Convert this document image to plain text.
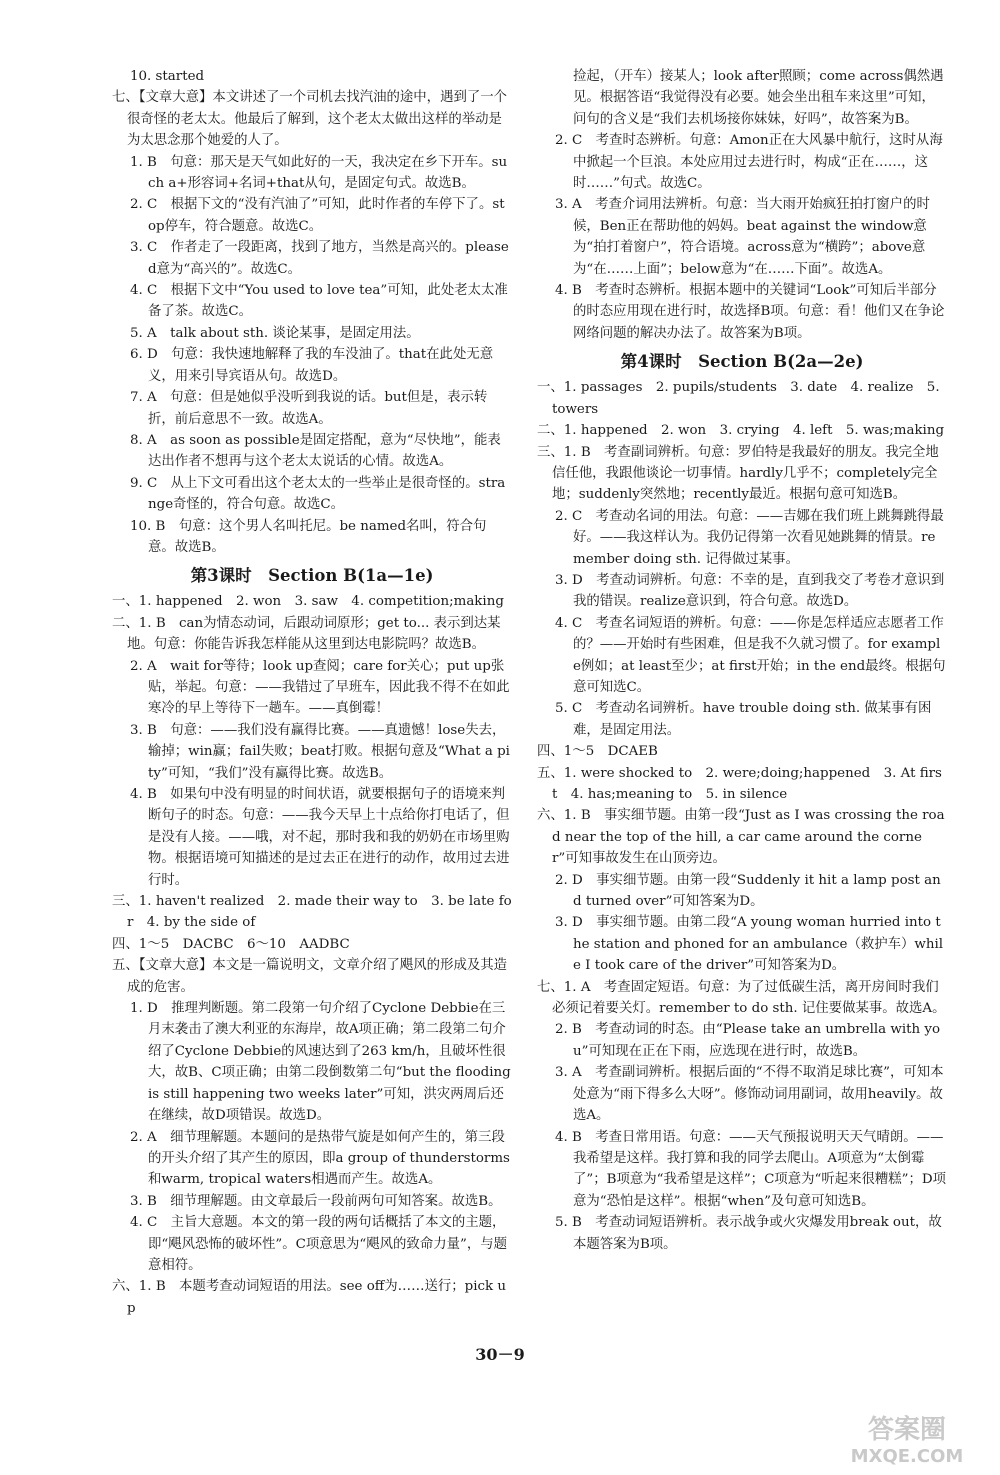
10. started

七、【文章大意】本文讲述了一个司机去找汽油的途中，遇到了一个很奇怪的老太太。他最后了解到，这个老太太做出这样的举动是为太思念那个她爱的人了。

1. B　句意：那天是天气如此好的一天，我决定在乡下开车。such a+形容词+名词+that从句，是固定句式。故选B。

2. C　根据下文的“没有汽油了”可知，此时作者的车停下了。stop停车，符合题意。故选C。

3. C　作者走了一段距离，找到了地方，当然是高兴的。pleased意为“高兴的”。故选C。

4. C　根据下文中“You used to love tea”可知，此处老太太准备了茶。故选C。

5. A　talk about sth. 谈论某事，是固定用法。

6. D　句意：我快速地解释了我的车没油了。that在此处无意义，用来引导宾语从句。故选D。

7. A　句意：但是她似乎没听到我说的话。but但是，表示转折，前后意思不一致。故选A。

8. A　as soon as possible是固定搭配，意为“尽快地”，能表达出作者不想再与这个老太太说话的心情。故选A。

9. C　从上下文可看出这个老太太的一些举止是很奇怪的。strange奇怪的，符合句意。故选C。

10. B　句意：这个男人名叫托尼。be named名叫，符合句意。故选B。

第3课时　Section B(1a—1e)

一、1. happened　2. won　3. saw　4. competition;making

二、1. B　can为情态动词，后跟动词原形；get to... 表示到达某地。句意：你能告诉我怎样能从这里到达电影院吗？故选B。

2. A　wait for等待；look up查阅；care for关心；put up张贴，举起。句意：——我错过了早班车，因此我不得不在如此寒冷的早上等待下一趟车。——真倒霉！

3. B　句意：——我们没有赢得比赛。——真遗憾！lose失去，输掉；win赢；fail失败；beat打败。根据句意及“What a pity”可知，“我们”没有赢得比赛。故选B。

4. B　如果句中没有明显的时间状语，就要根据句子的语境来判断句子的时态。句意：——我今天早上十点给你打电话了，但是没有人接。——哦，对不起，那时我和我的奶奶在市场里购物。根据语境可知描述的是过去正在进行的动作，故用过去进行时。

三、1. haven't realized　2. made their way to　3. be late for　4. by the side of

四、1～5　DACBC　6～10　AADBC

五、【文章大意】本文是一篇说明文，文章介绍了飓风的形成及其造成的危害。

1. D　推理判断题。第二段第一句介绍了Cyclone Debbie在三月末袭击了澳大利亚的东海岸，故A项正确；第二段第二句介绍了Cyclone Debbie的风速达到了263 km/h，且破坏性很大，故B、C项正确；由第二段倒数第二句“but the flooding is still happening two weeks later”可知，洪灾两周后还在继续，故D项错误。故选D。

2. A　细节理解题。本题问的是热带气旋是如何产生的，第三段的开头介绍了其产生的原因，即a group of thunderstorms和warm, tropical waters相遇而产生。故选A。

3. B　细节理解题。由文章最后一段前两句可知答案。故选B。

4. C　主旨大意题。本文的第一段的两句话概括了本文的主题，即“飓风恐怖的破坏性”。C项意思为“飓风的致命力量”，与题意相符。

六、1. B　本题考查动词短语的用法。see off为……送行；pick up

捡起，（开车）接某人；look after照顾；come across偶然遇见。根据答语“我觉得没有必要。她会坐出租车来这里”可知，问句的含义是“我们去机场接你妹妹，好吗”，故答案为B。

2. C　考查时态辨析。句意：Amon正在大风暴中航行，这时从海中掀起一个巨浪。本处应用过去进行时，构成“正在……，这时……”句式。故选C。

3. A　考查介词用法辨析。句意：当大雨开始疯狂拍打窗户的时候，Ben正在帮助他的妈妈。beat against the window意为“拍打着窗户”，符合语境。across意为“横跨”；above意为“在……上面”；below意为“在……下面”。故选A。

4. B　考查时态辨析。根据本题中的关键词“Look”可知后半部分的时态应用现在进行时，故选择B项。句意：看！他们又在争论网络问题的解决办法了。故答案为B项。

第4课时　Section B(2a—2e)

一、1. passages　2. pupils/students　3. date　4. realize　5. towers

二、1. happened　2. won　3. crying　4. left　5. was;making

三、1. B　考查副词辨析。句意：罗伯特是我最好的朋友。我完全地信任他，我跟他谈论一切事情。hardly几乎不；completely完全地；suddenly突然地；recently最近。根据句意可知选B。

2. C　考查动名词的用法。句意：——吉娜在我们班上跳舞跳得最好。——我这样认为。我仍记得第一次看见她跳舞的情景。remember doing sth. 记得做过某事。

3. D　考查动词辨析。句意：不幸的是，直到我交了考卷才意识到我的错误。realize意识到，符合句意。故选D。

4. C　考查名词短语的辨析。句意：——你是怎样适应志愿者工作的？——开始时有些困难，但是我不久就习惯了。for example例如；at least至少；at first开始；in the end最终。根据句意可知选C。

5. C　考查动名词辨析。have trouble doing sth. 做某事有困难，是固定用法。

四、1～5　DCAEB

五、1. were shocked to　2. were;doing;happened　3. At first　4. has;meaning to　5. in silence

六、1. B　事实细节题。由第一段“Just as I was crossing the road near the top of the hill, a car came around the corner”可知事故发生在山顶旁边。

2. D　事实细节题。由第一段“Suddenly it hit a lamp post and turned over”可知答案为D。

3. D　事实细节题。由第二段“A young woman hurried into the station and phoned for an ambulance（救护车）while I took care of the driver”可知答案为D。

七、1. A　考查固定短语。句意：为了过低碳生活，离开房间时我们必须记着要关灯。remember to do sth. 记住要做某事。故选A。

2. B　考查动词的时态。由“Please take an umbrella with you”可知现在正在下雨，应选现在进行时，故选B。

3. A　考查副词辨析。根据后面的“不得不取消足球比赛”，可知本处意为“雨下得多么大呀”。修饰动词用副词，故用heavily。故选A。

4. B　考查日常用语。句意：——天气预报说明天天气晴朗。——我希望是这样。我打算和我的同学去爬山。A项意为“太倒霉了”；B项意为“我希望是这样”；C项意为“听起来很糟糕”；D项意为“恐怕是这样”。根据“when”及句意可知选B。

5. B　考查动词短语辨析。表示战争或火灾爆发用break out，故本题答案为B项。

30－9
答案圈
MXQE.COM
